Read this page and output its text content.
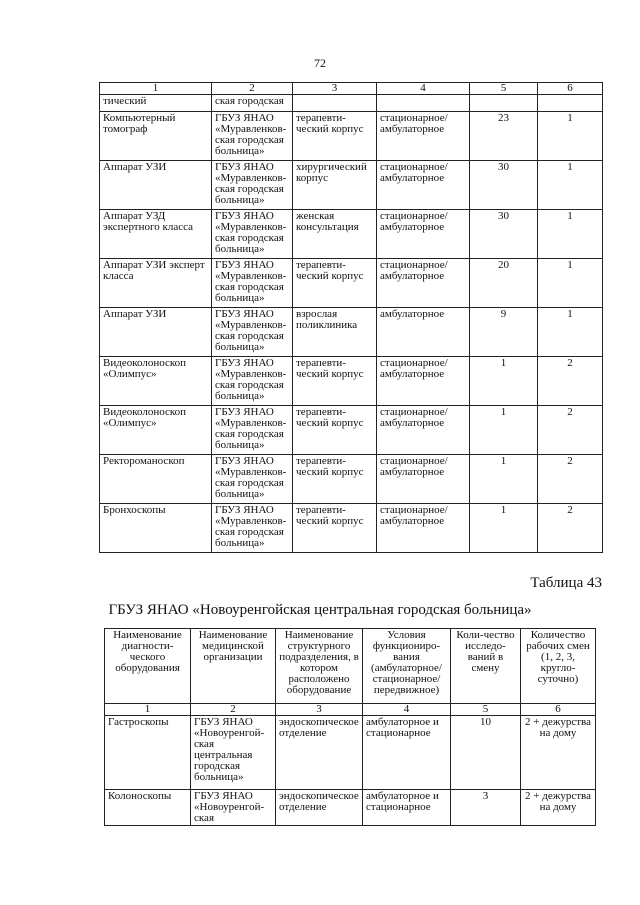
72
1	2	3	4	5	6
тический	ская городская				
Компьютерный томограф	ГБУЗ ЯНАО «Муравленков-ская городская больница»	терапевти-ческий корпус	стационарное/ амбулаторное	23	1
Аппарат УЗИ	ГБУЗ ЯНАО «Муравленков-ская городская больница»	хирургический корпус	стационарное/ амбулаторное	30	1
Аппарат УЗД экспертного класса	ГБУЗ ЯНАО «Муравленков-ская городская больница»	женская консультация	стационарное/ амбулаторное	30	1
Аппарат УЗИ эксперт класса	ГБУЗ ЯНАО «Муравленков-ская городская больница»	терапевти-ческий корпус	стационарное/ амбулаторное	20	1
Аппарат УЗИ	ГБУЗ ЯНАО «Муравленков-ская городская больница»	взрослая поликлиника	амбулаторное	9	1
Видеоколоноскоп «Олимпус»	ГБУЗ ЯНАО «Муравленков-ская городская больница»	терапевти-ческий корпус	стационарное/ амбулаторное	1	2
Видеоколоноскоп «Олимпус»	ГБУЗ ЯНАО «Муравленков-ская городская больница»	терапевти-ческий корпус	стационарное/ амбулаторное	1	2
Ректороманоскоп	ГБУЗ ЯНАО «Муравленков-ская городская больница»	терапевти-ческий корпус	стационарное/ амбулаторное	1	2
Бронхоскопы	ГБУЗ ЯНАО «Муравленков-ская городская больница»	терапевти-ческий корпус	стационарное/ амбулаторное	1	2
Таблица 43
ГБУЗ ЯНАО «Новоуренгойская центральная городская больница»
Наименование диагности-ческого оборудования	Наименование медицинской организации	Наименование структурного подразделения, в котором расположено оборудование	Условия функциониро-вания (амбулаторное/ стационарное/ передвижное)	Коли-чество исследо-ваний в смену	Количество рабочих смен (1, 2, 3, кругло-суточно)
1	2	3	4	5	6
Гастроскопы	ГБУЗ ЯНАО «Новоуренгой-ская центральная городская больница»	эндоскопическое отделение	амбулаторное и стационарное	10	2 + дежурства на дому
Колоноскопы	ГБУЗ ЯНАО «Новоуренгой-ская	эндоскопическое отделение	амбулаторное и стационарное	3	2 + дежурства на дому
